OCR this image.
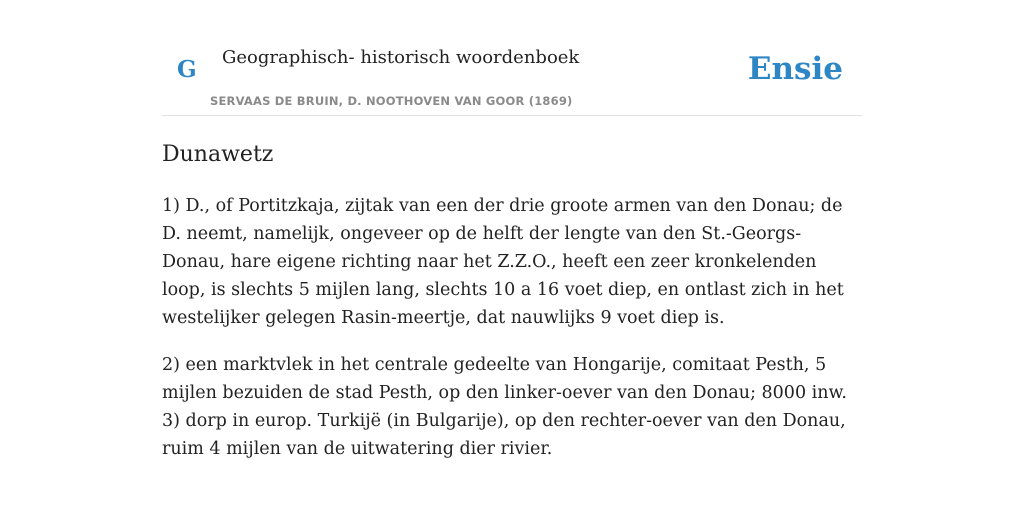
G Geographisch- historisch woordenboek
SERVAAS DE BRUIN, D. NOOTHOVEN VAN GOOR (1869)
Ensie
Dunawetz

1) D., of Portitzkaja, zijtak van een der drie groote armen van den Donau; de D. neemt, namelijk, ongeveer op de helft der lengte van den St.-Georgs-Donau, hare eigene richting naar het Z.Z.O., heeft een zeer kronkelenden loop, is slechts 5 mijlen lang, slechts 10 a 16 voet diep, en ontlast zich in het westelijker gelegen Rasin-meertje, dat nauwlijks 9 voet diep is.

2) een marktvlek in het centrale gedeelte van Hongarije, comitaat Pesth, 5 mijlen bezuiden de stad Pesth, op den linker-oever van den Donau; 8000 inw.

3) dorp in europ. Turkijë (in Bulgarije), op den rechter-oever van den Donau, ruim 4 mijlen van de uitwatering dier rivier.
